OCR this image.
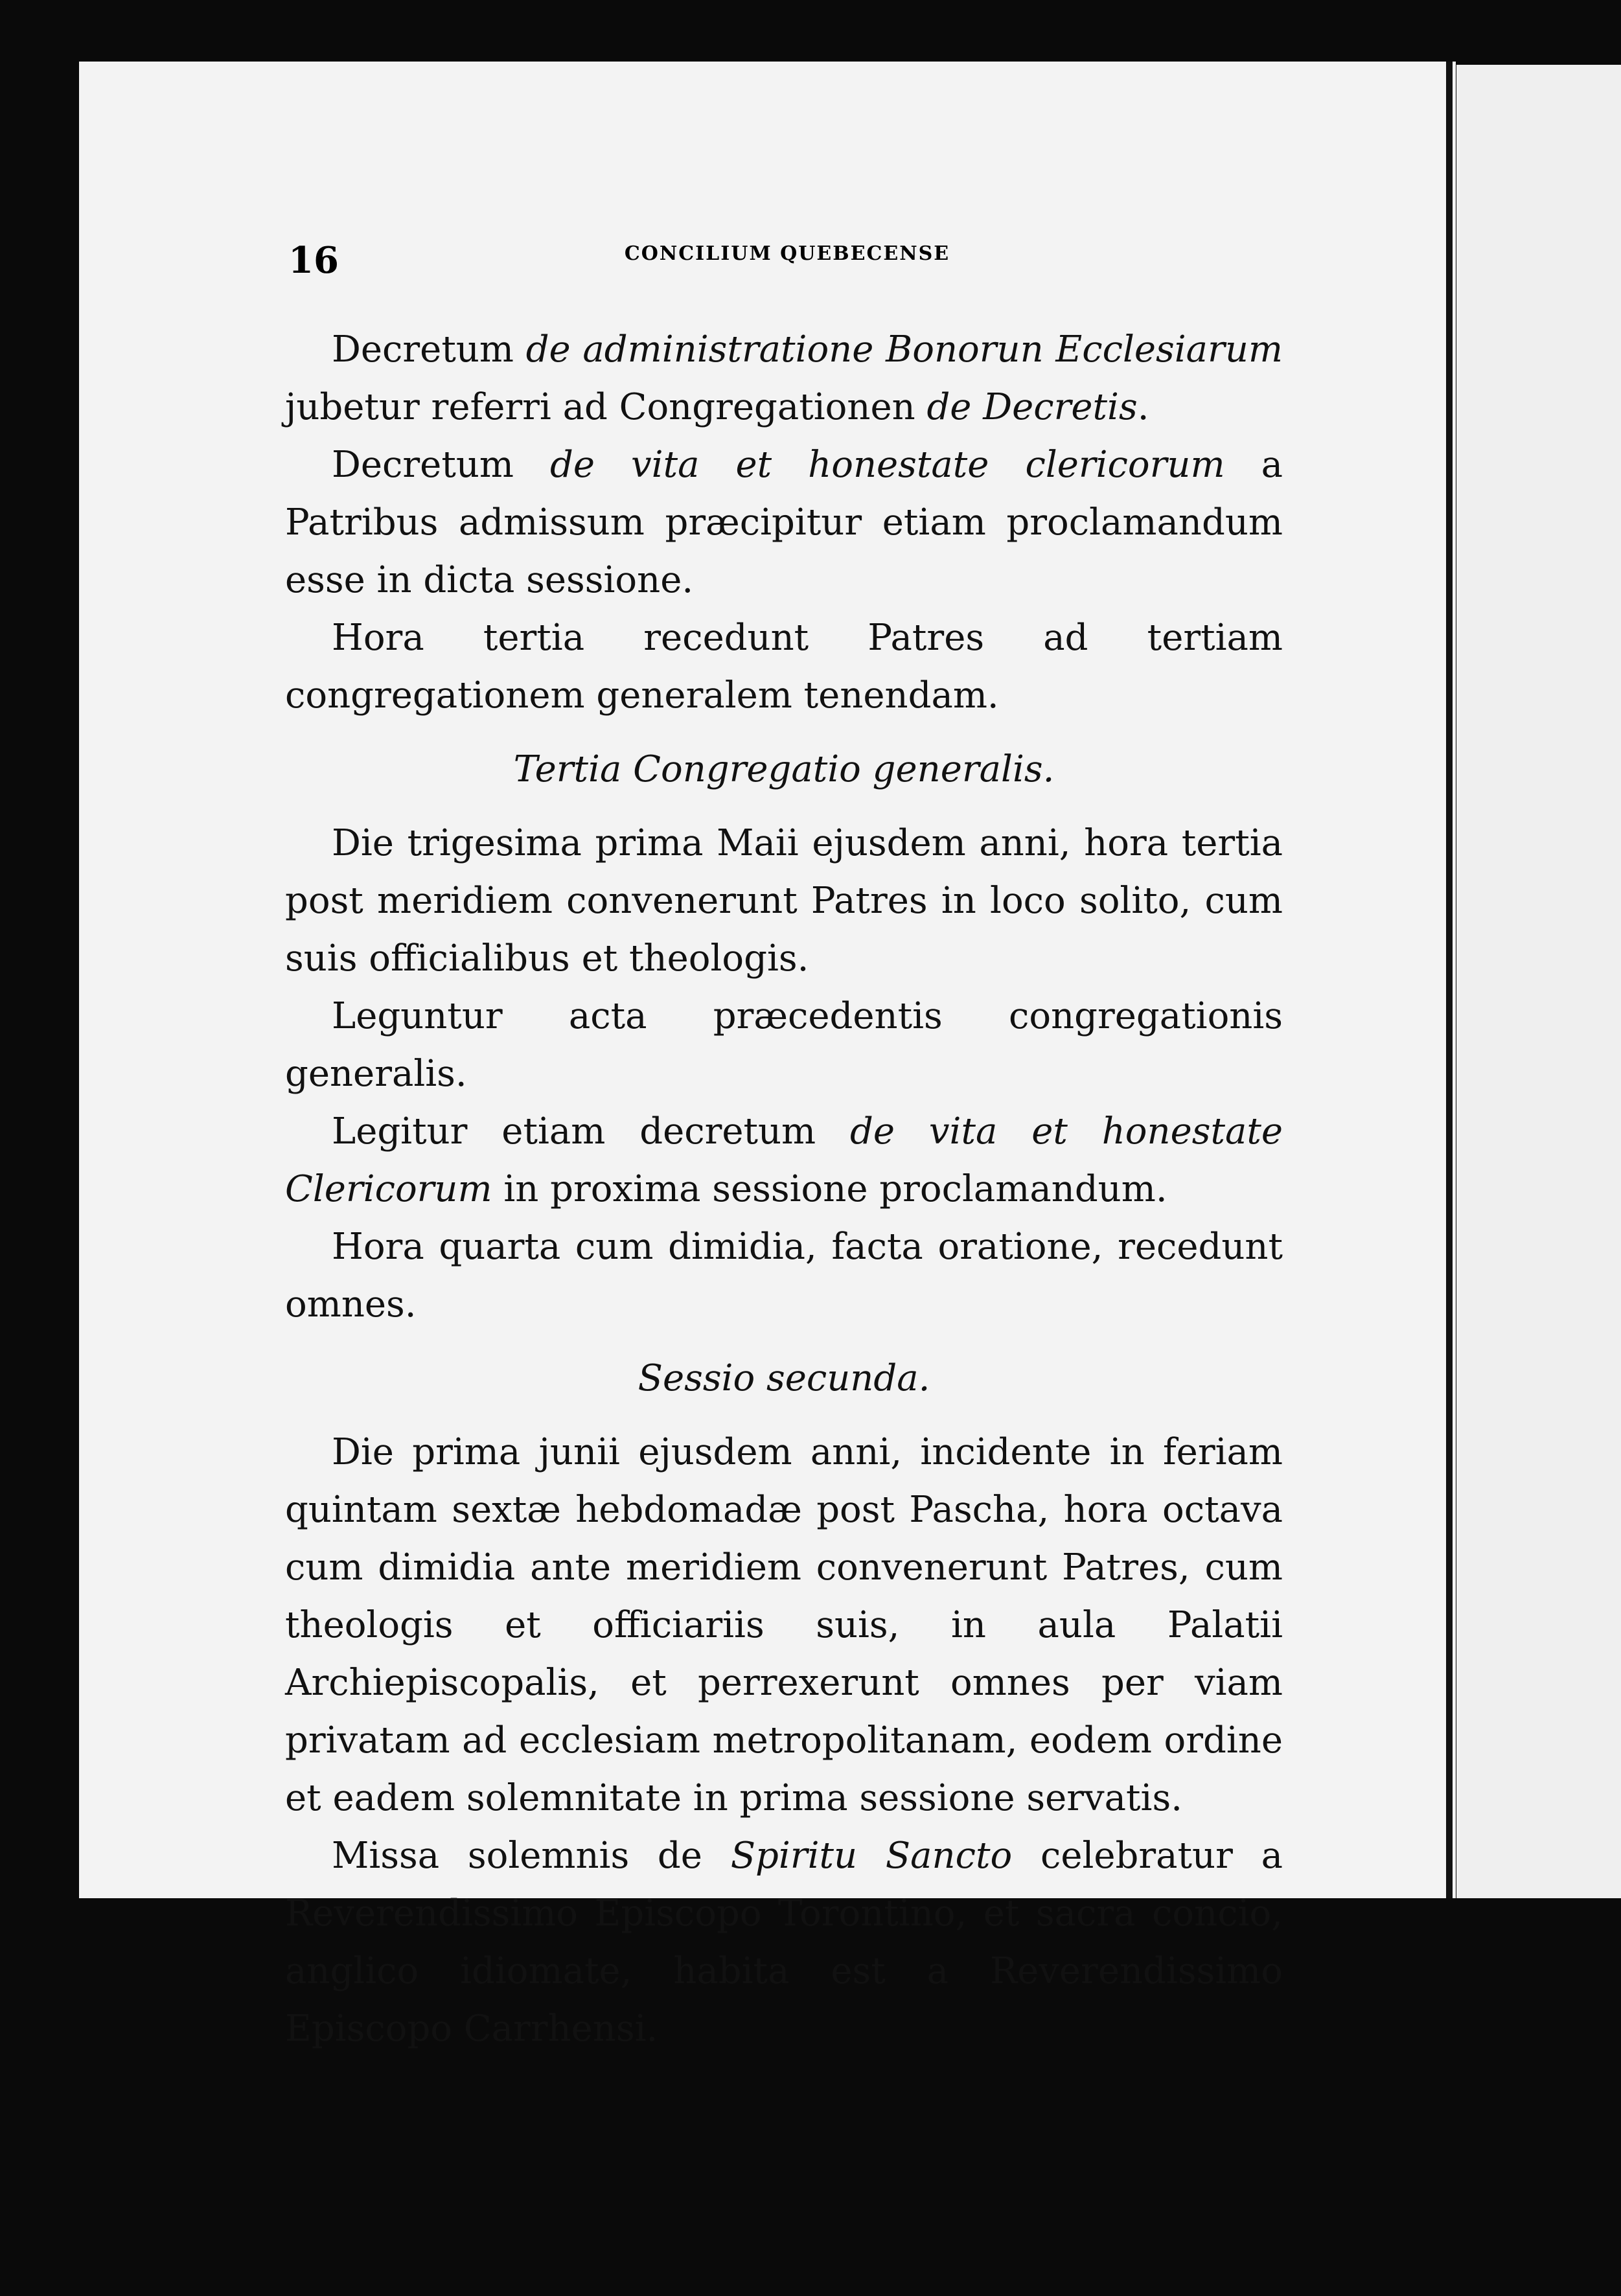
16	CONCILIUM QUEBECENSE

Decretum de administratione Bonorun Ecclesiarum jubetur referri ad Congregationen de Decretis.

Decretum de vita et honestate clericorum a Patribus admissum præcipitur etiam proclamandum esse in dicta sessione.

Hora tertia recedunt Patres ad tertiam congregationem generalem tenendam.

Tertia Congregatio generalis.

Die trigesima prima Maii ejusdem anni, hora tertia post meridiem convenerunt Patres in loco solito, cum suis officialibus et theologis.

Leguntur acta præcedentis congregationis generalis.

Legitur etiam decretum de vita et honestate Clericorum in proxima sessione proclamandum.

Hora quarta cum dimidia, facta oratione, recedunt omnes.

Sessio secunda.

Die prima junii ejusdem anni, incidente in feriam quintam sextæ hebdomadæ post Pascha, hora octava cum dimidia ante meridiem convenerunt Patres, cum theologis et officiariis suis, in aula Palatii Archiepiscopalis, et perrexerunt omnes per viam privatam ad ecclesiam metropolitanam, eodem ordine et eadem solemnitate in prima sessione servatis.

Missa solemnis de Spiritu Sancto celebratur a Reverendissimo Episcopo Torontino, et sacra concio, anglico idiomate, habita est a Reverendissimo Episcopo Carrhensi.
